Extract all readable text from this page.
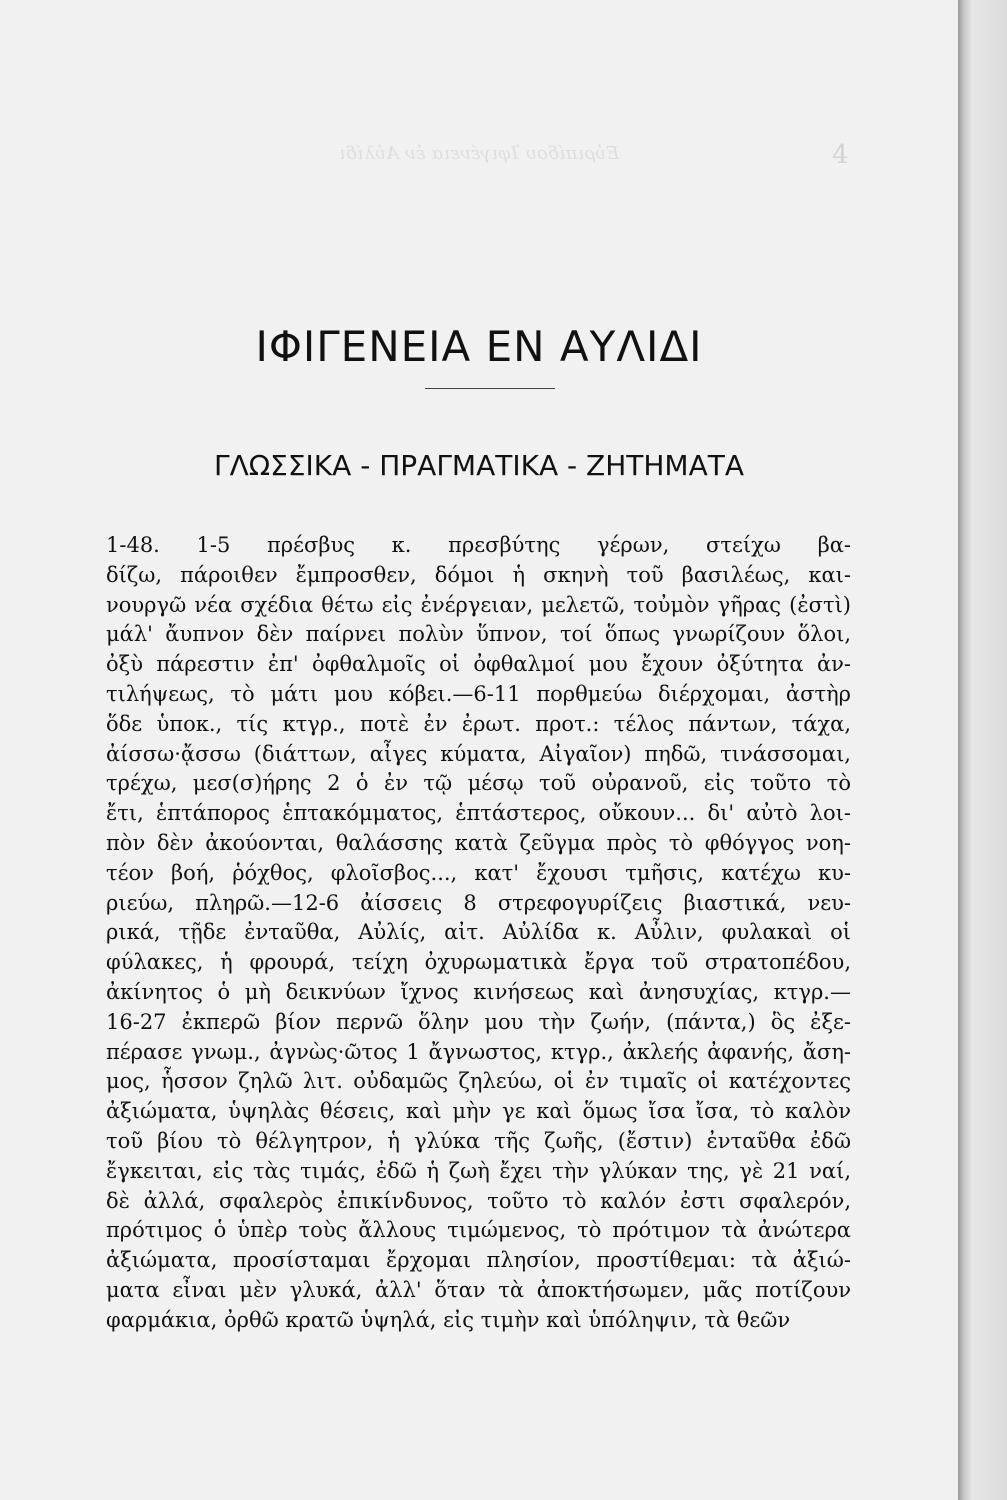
Εὐριπίδου Ἰφιγένεια ἐν Αὐλίδι	4
ΙΦΙΓΕΝΕΙΑ ΕΝ ΑΥΛΙΔΙ
ΓΛΩΣΣΙΚΑ - ΠΡΑΓΜΑΤΙΚΑ - ΖΗΤΗΜΑΤΑ
1-48. 1-5 πρέσβυς κ. πρεσβύτης γέρων, στείχω βα-
δίζω, πάροιθεν ἔμπροσθεν, δόμοι ἡ σκηνὴ τοῦ βασιλέως, και-
νουργῶ νέα σχέδια θέτω εἰς ἐνέργειαν, μελετῶ, τοὐμὸν γῆρας (ἐστὶ)
μάλ' ἄυπνον δὲν παίρνει πολὺν ὕπνον, τοί ὅπως γνωρίζουν ὅλοι,
ὀξὺ πάρεστιν ἐπ' ὀφθαλμοῖς οἱ ὀφθαλμοί μου ἔχουν ὀξύτητα ἀν-
τιλήψεως, τὸ μάτι μου κόβει.—6-11 πορθμεύω διέρχομαι, ἀστὴρ
ὅδε ὑποκ., τίς κτγρ., ποτὲ ἐν ἐρωτ. προτ.: τέλος πάντων, τάχα,
ἀίσσω·ᾄσσω (διάττων, αἶγες κύματα, Αἰγαῖον) πηδῶ, τινάσσομαι,
τρέχω, μεσ(σ)ήρης 2 ὁ ἐν τῷ μέσῳ τοῦ οὐρανοῦ, εἰς τοῦτο τὸ
ἔτι, ἑπτάπορος ἑπτακόμματος, ἑπτάστερος, οὔκουν... δι' αὐτὸ λοι-
πὸν δὲν ἀκούονται, θαλάσσης κατὰ ζεῦγμα πρὸς τὸ φθόγγος νοη-
τέον βοή, ῥόχθος, φλοῖσβος..., κατ' ἔχουσι τμῆσις, κατέχω κυ-
ριεύω, πληρῶ.—12-6 ἀίσσεις 8 στρεφογυρίζεις βιαστικά, νευ-
ρικά, τῇδε ἐνταῦθα, Αὐλίς, αἰτ. Αὐλίδα κ. Αὖλιν, φυλακαὶ οἱ
φύλακες, ἡ φρουρά, τείχη ὀχυρωματικὰ ἔργα τοῦ στρατοπέδου,
ἀκίνητος ὁ μὴ δεικνύων ἴχνος κινήσεως καὶ ἀνησυχίας, κτγρ.—
16-27 ἐκπερῶ βίον περνῶ ὅλην μου τὴν ζωήν, (πάντα,) ὃς ἐξε-
πέρασε γνωμ., ἀγνὼς·ῶτος 1 ἄγνωστος, κτγρ., ἀκλεής ἀφανής, ἄση-
μος, ἧσσον ζηλῶ λιτ. οὐδαμῶς ζηλεύω, οἱ ἐν τιμαῖς οἱ κατέχοντες
ἀξιώματα, ὑψηλὰς θέσεις, καὶ μὴν γε καὶ ὅμως ἴσα ἴσα, τὸ καλὸν
τοῦ βίου τὸ θέλγητρον, ἡ γλύκα τῆς ζωῆς, (ἔστιν) ἐνταῦθα ἐδῶ
ἔγκειται, εἰς τὰς τιμάς, ἐδῶ ἡ ζωὴ ἔχει τὴν γλύκαν της, γὲ 21 ναί,
δὲ ἀλλά, σφαλερὸς ἐπικίνδυνος, τοῦτο τὸ καλόν ἐστι σφαλερόν,
πρότιμος ὁ ὑπὲρ τοὺς ἄλλους τιμώμενος, τὸ πρότιμον τὰ ἀνώτερα
ἀξιώματα, προσίσταμαι ἔρχομαι πλησίον, προστίθεμαι: τὰ ἀξιώ-
ματα εἶναι μὲν γλυκά, ἀλλ' ὅταν τὰ ἀποκτήσωμεν, μᾶς ποτίζουν
φαρμάκια, ὀρθῶ κρατῶ ὑψηλά, εἰς τιμὴν καὶ ὑπόληψιν, τὰ θεῶν
